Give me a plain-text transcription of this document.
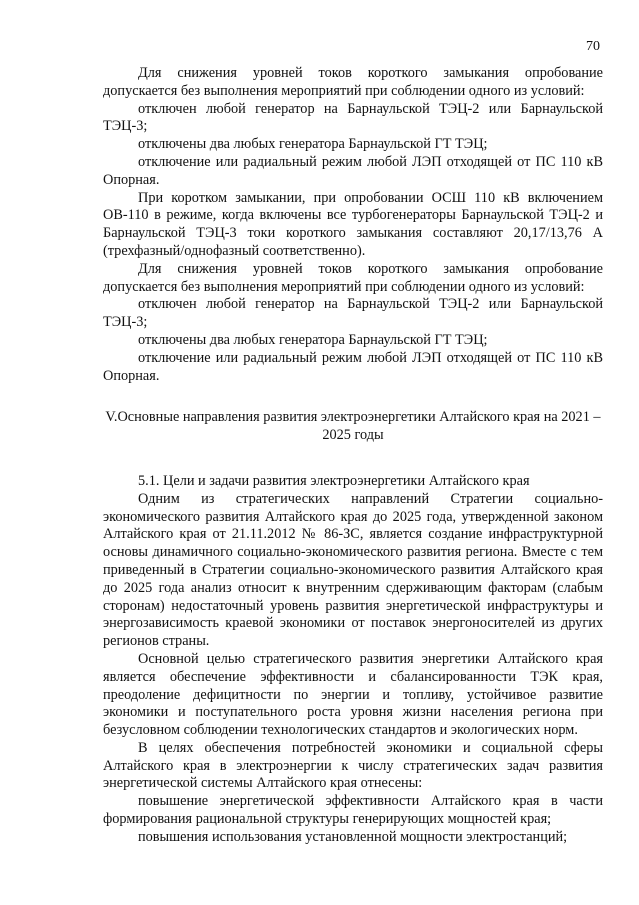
70

Для снижения уровней токов короткого замыкания опробование допускается без выполнения мероприятий при соблюдении одного из условий:

отключен любой генератор на Барнаульской ТЭЦ-2 или Барнаульской ТЭЦ-3;

отключены два любых генератора Барнаульской ГТ ТЭЦ;

отключение или радиальный режим любой ЛЭП отходящей от ПС 110 кВ Опорная.

При коротком замыкании, при опробовании ОСШ 110 кВ включением ОВ-110 в режиме, когда включены все турбогенераторы Барнаульской ТЭЦ-2 и Барнаульской ТЭЦ-3 токи короткого замыкания составляют 20,17/13,76 А (трехфазный/однофазный соответственно).

Для снижения уровней токов короткого замыкания опробование допускается без выполнения мероприятий при соблюдении одного из условий:

отключен любой генератор на Барнаульской ТЭЦ-2 или Барнаульской ТЭЦ-3;

отключены два любых генератора Барнаульской ГТ ТЭЦ;

отключение или радиальный режим любой ЛЭП отходящей от ПС 110 кВ Опорная.

V.Основные направления развития электроэнергетики Алтайского края на 2021 – 2025 годы

5.1. Цели и задачи развития электроэнергетики Алтайского края

Одним из стратегических направлений Стратегии социально-экономического развития Алтайского края до 2025 года, утвержденной законом Алтайского края от 21.11.2012 № 86-ЗС, является создание инфраструктурной основы динамичного социально-экономического развития региона. Вместе с тем приведенный в Стратегии социально-экономического развития Алтайского края до 2025 года анализ относит к внутренним сдерживающим факторам (слабым сторонам) недостаточный уровень развития энергетической инфраструктуры и энергозависимость краевой экономики от поставок энергоносителей из других регионов страны.

Основной целью стратегического развития энергетики Алтайского края является обеспечение эффективности и сбалансированности ТЭК края, преодоление дефицитности по энергии и топливу, устойчивое развитие экономики и поступательного роста уровня жизни населения региона при безусловном соблюдении технологических стандартов и экологических норм.

В целях обеспечения потребностей экономики и социальной сферы Алтайского края в электроэнергии к числу стратегических задач развития энергетической системы Алтайского края отнесены:

повышение энергетической эффективности Алтайского края в части формирования рациональной структуры генерирующих мощностей края;

повышения использования установленной мощности электростанций;
